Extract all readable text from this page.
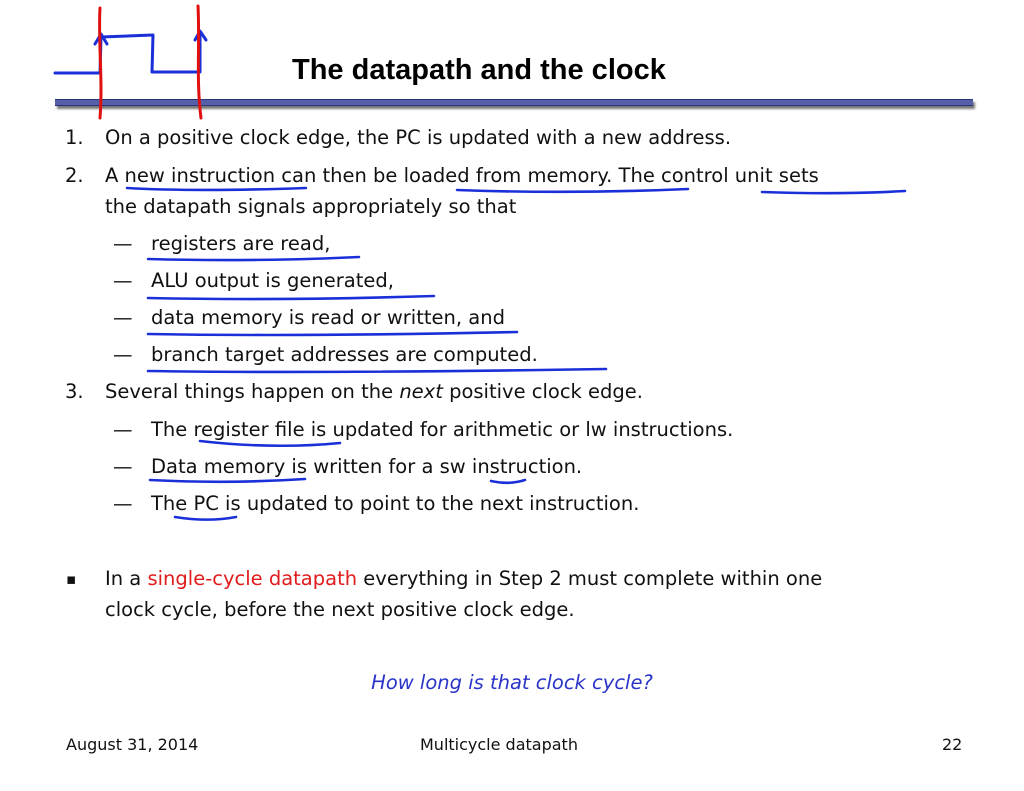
The datapath and the clock
1. On a positive clock edge, the PC is updated with a new address.
2. A new instruction can then be loaded from memory. The control unit sets
the datapath signals appropriately so that
— registers are read,
— ALU output is generated,
— data memory is read or written, and
— branch target addresses are computed.
3. Several things happen on the next positive clock edge.
— The register file is updated for arithmetic or lw instructions.
— Data memory is written for a sw instruction.
— The PC is updated to point to the next instruction.
▪ In a single-cycle datapath everything in Step 2 must complete within one
clock cycle, before the next positive clock edge.
How long is that clock cycle?
August 31, 2014	Multicycle datapath	22
